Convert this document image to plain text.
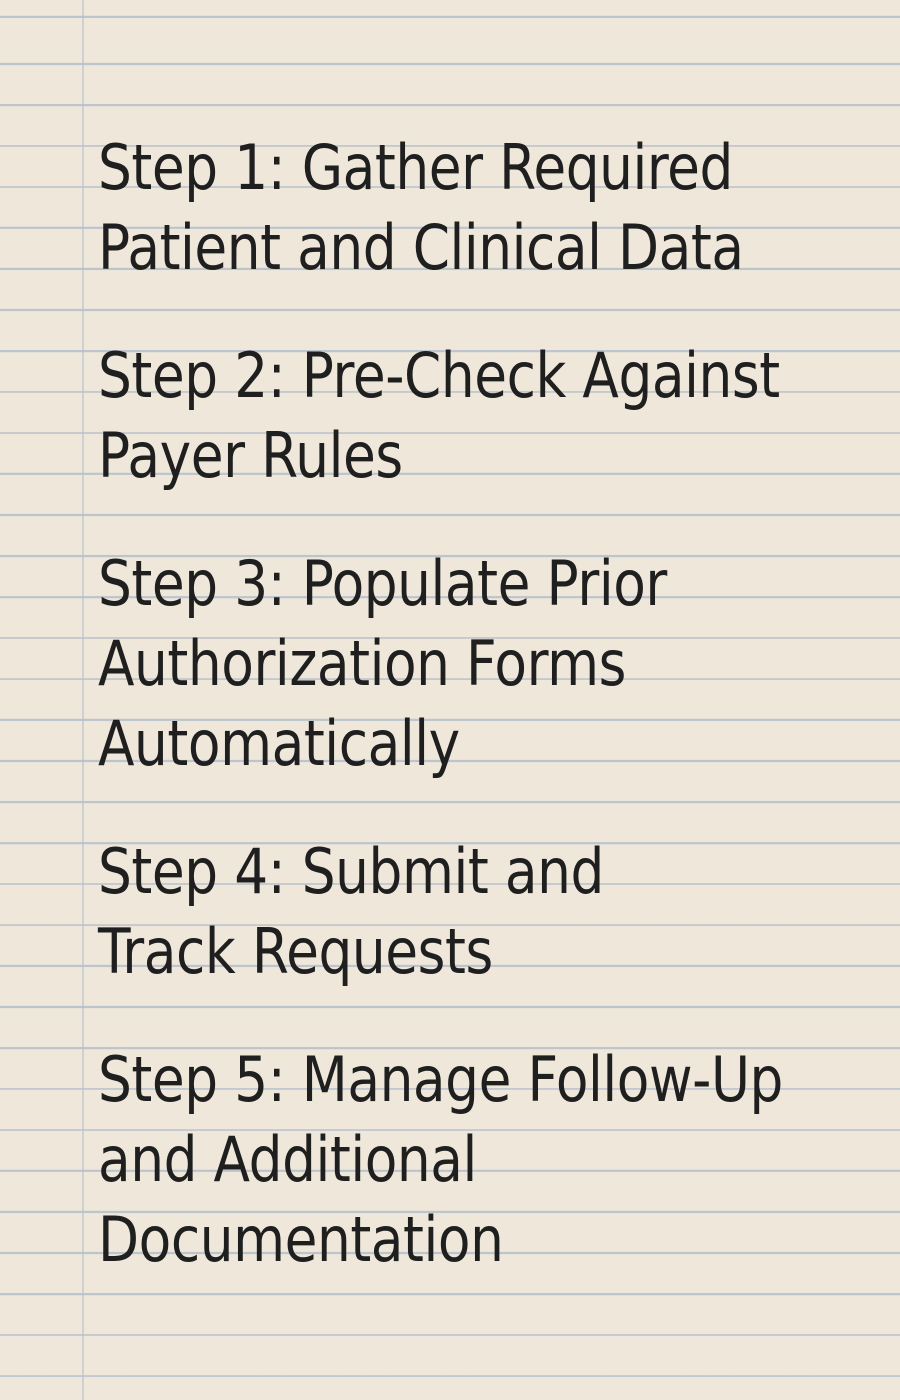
Step 1: Gather Required
Patient and Clinical Data
Step 2: Pre-Check Against
Payer Rules
Step 3: Populate Prior
Authorization Forms
Automatically
Step 4: Submit and
Track Requests
Step 5: Manage Follow-Up
and Additional
Documentation
